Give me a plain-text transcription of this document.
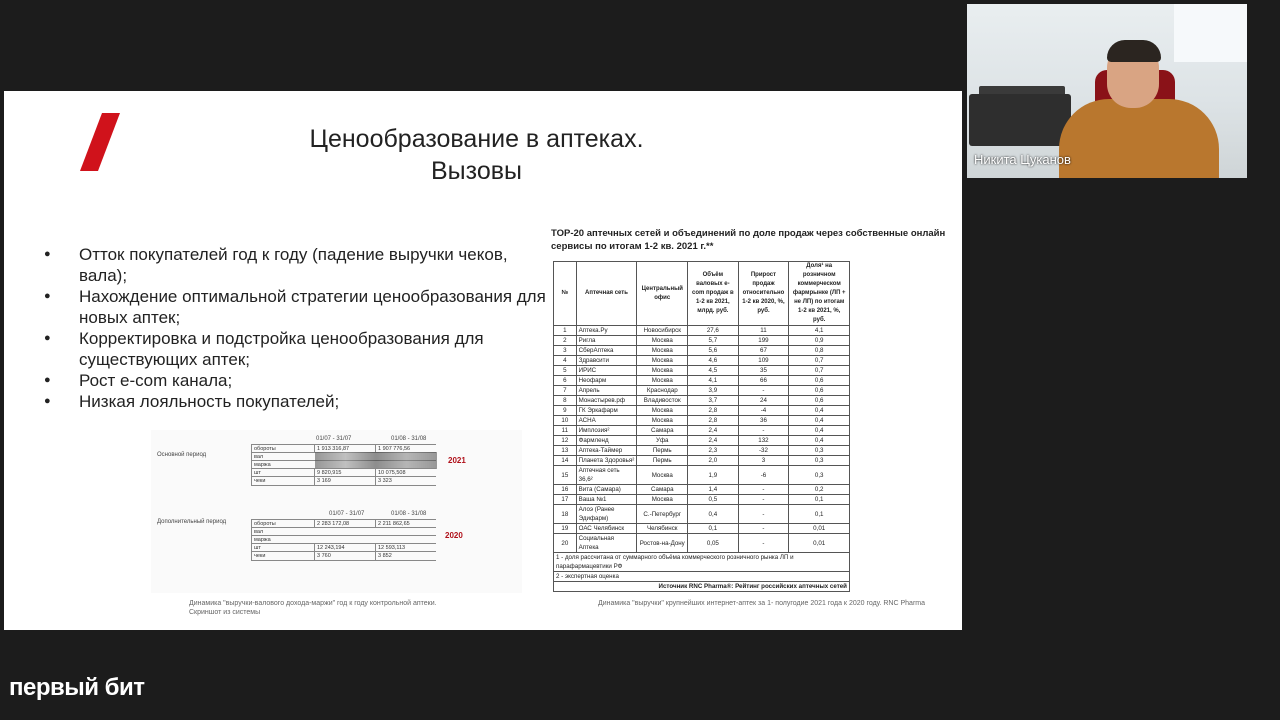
Ценообразование в аптеках.
Вызовы
● Отток покупателей год к году (падение выручки чеков, вала);
● Нахождение оптимальной стратегии ценообразования для новых аптек;
● Корректировка и подстройка ценообразования для существующих аптек;
● Рост e-com канала;
● Низкая лояльность покупателей;
Основной период
01/07 - 31/07	01/08 - 31/08
обороты	1 913 316,87	1 907 776,56
вал
маржа
шт	9 820,915	10 075,508
чеки	3 169	3 323
2021
Дополнительный период
01/07 - 31/07	01/08 - 31/08
обороты	2 283 172,08	2 211 862,65
вал
маржа
шт	12 243,194	12 593,113
чеки	3 760	3 852
2020
Динамика "выручки-валового дохода-маржи" год к году контрольной аптеки.
Скриншот из системы
TOP-20 аптечных сетей и объединений по доле продаж через собственные онлайн сервисы по итогам 1-2 кв. 2021 г.**
№	Аптечная сеть	Центральный офис	Объём валовых e-com продаж в 1-2 кв 2021, млрд. руб.	Прирост продаж относительно 1-2 кв 2020, %, руб.	Доля¹ на розничном коммерческом фармрынке (ЛП + не ЛП) по итогам 1-2 кв 2021, %, руб.
1	Аптека.Ру	Новосибирск	27,6	11	4,1
2	Ригла	Москва	5,7	199	0,9
3	СберАптека	Москва	5,6	67	0,8
4	Здравсити	Москва	4,6	109	0,7
5	ИРИС	Москва	4,5	35	0,7
6	Неофарм	Москва	4,1	66	0,6
7	Апрель	Краснодар	3,9	-	0,6
8	Монастырев.рф	Владивосток	3,7	24	0,6
9	ГК Эркафарм	Москва	2,8	-4	0,4
10	АСНА	Москва	2,8	36	0,4
11	Имплозия²	Самара	2,4	-	0,4
12	Фармленд	Уфа	2,4	132	0,4
13	Аптека-Таймер	Пермь	2,3	-32	0,3
14	Планета Здоровья²	Пермь	2,0	3	0,3
15	Аптечная сеть 36,6²	Москва	1,9	-6	0,3
16	Вита (Самара)	Самара	1,4	-	0,2
17	Ваша №1	Москва	0,5	-	0,1
18	Алоэ (Ранее Эдифарм)	С.-Петербург	0,4	-	0,1
19	ОАС Челябинск	Челябинск	0,1	-	0,01
20	Социальная Аптека	Ростов-на-Дону	0,05	-	0,01
1 - доля рассчитана от суммарного объёма коммерческого розничного рынка ЛП и парафармацевтики РФ					
2 - экспертная оценка					
Источник RNC Pharma®: Рейтинг российских аптечных сетей					
Динамика "выручки" крупнейших интернет-аптек за 1- полугодие 2021 года к 2020 году. RNC Pharma
Никита Цуканов
первый бит
